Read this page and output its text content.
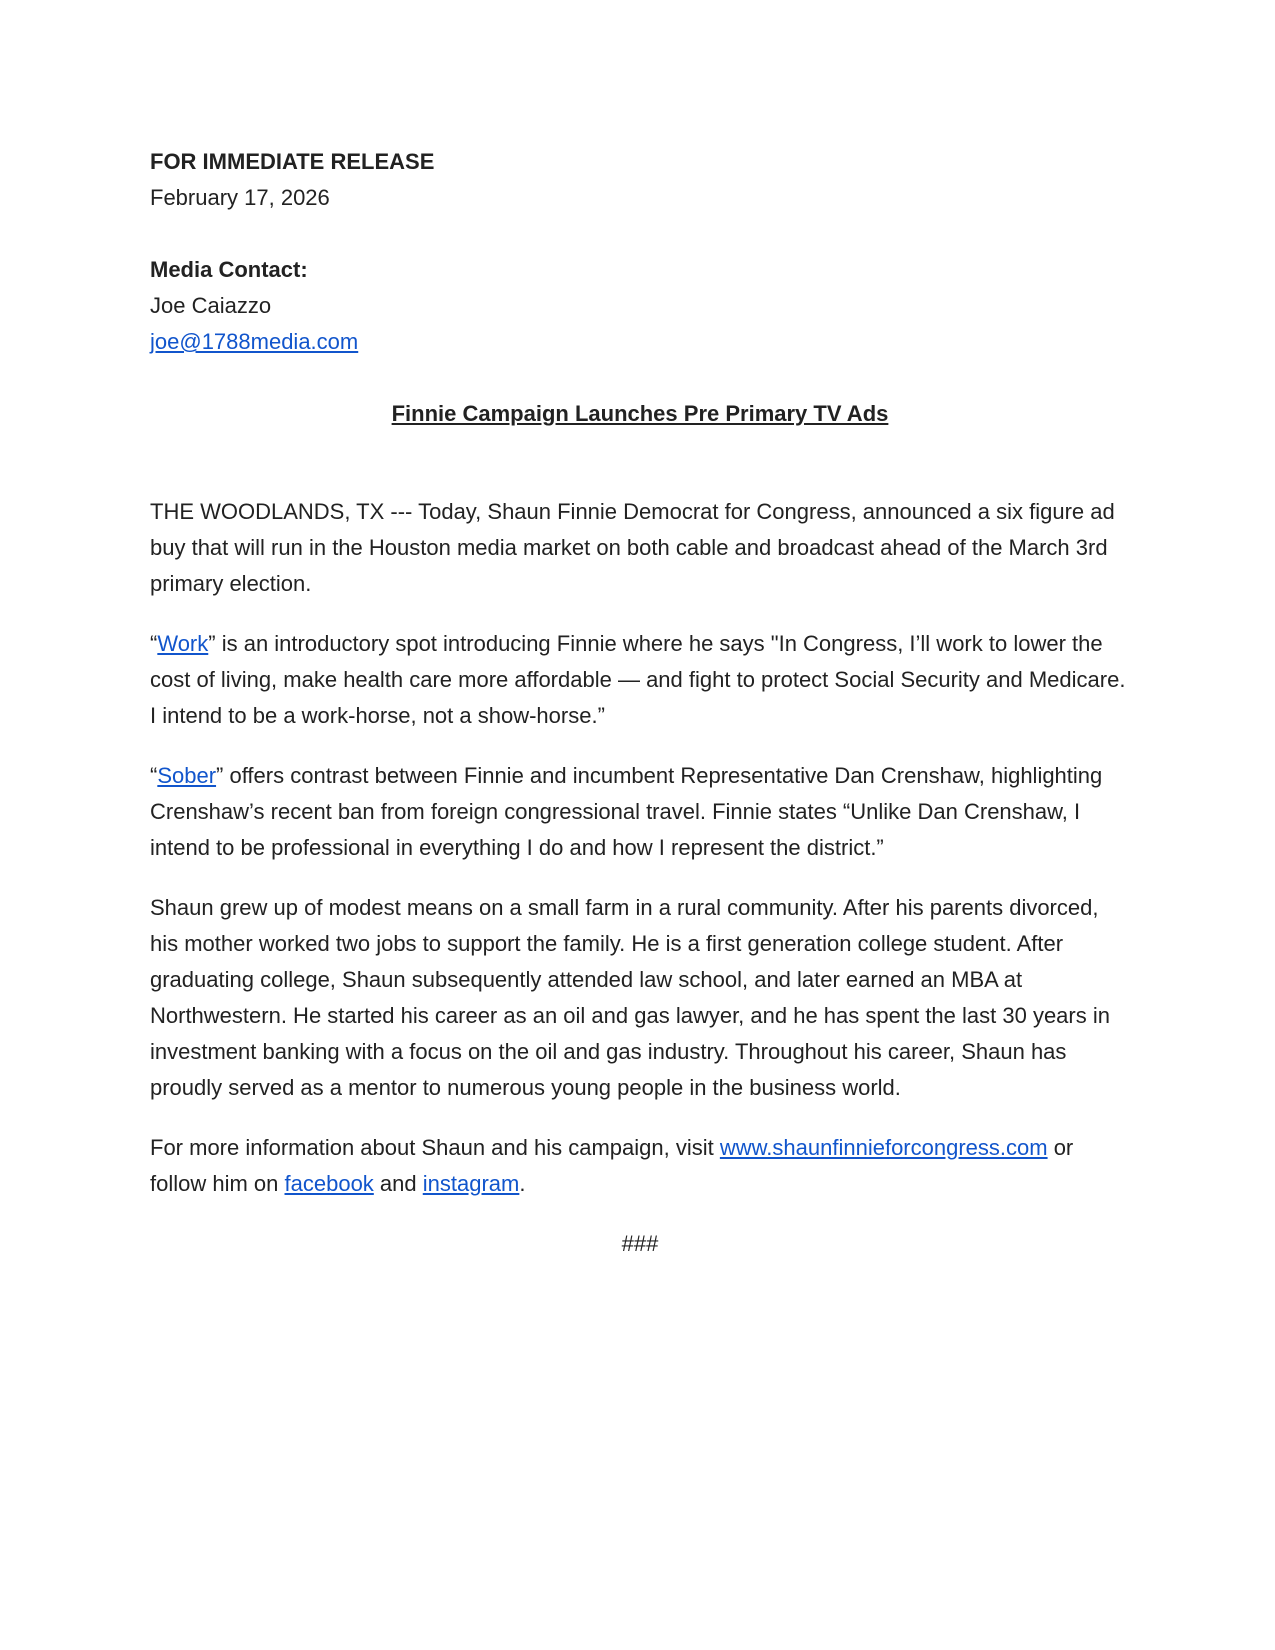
FOR IMMEDIATE RELEASE

February 17, 2026

Media Contact:

Joe Caiazzo

joe@1788media.com

Finnie Campaign Launches Pre Primary TV Ads

THE WOODLANDS, TX --- Today, Shaun Finnie Democrat for Congress, announced a six figure ad buy that will run in the Houston media market on both cable and broadcast ahead of the March 3rd primary election.

“Work” is an introductory spot introducing Finnie where he says "In Congress, I’ll work to lower the cost of living, make health care more affordable — and fight to protect Social Security and Medicare. I intend to be a work-horse, not a show-horse.”

“Sober” offers contrast between Finnie and incumbent Representative Dan Crenshaw, highlighting Crenshaw’s recent ban from foreign congressional travel. Finnie states “Unlike Dan Crenshaw, I intend to be professional in everything I do and how I represent the district.”

Shaun grew up of modest means on a small farm in a rural community. After his parents divorced, his mother worked two jobs to support the family. He is a first generation college student. After graduating college, Shaun subsequently attended law school, and later earned an MBA at Northwestern. He started his career as an oil and gas lawyer, and he has spent the last 30 years in investment banking with a focus on the oil and gas industry. Throughout his career, Shaun has proudly served as a mentor to numerous young people in the business world.

For more information about Shaun and his campaign, visit www.shaunfinnieforcongress.com or follow him on facebook and instagram.

###
